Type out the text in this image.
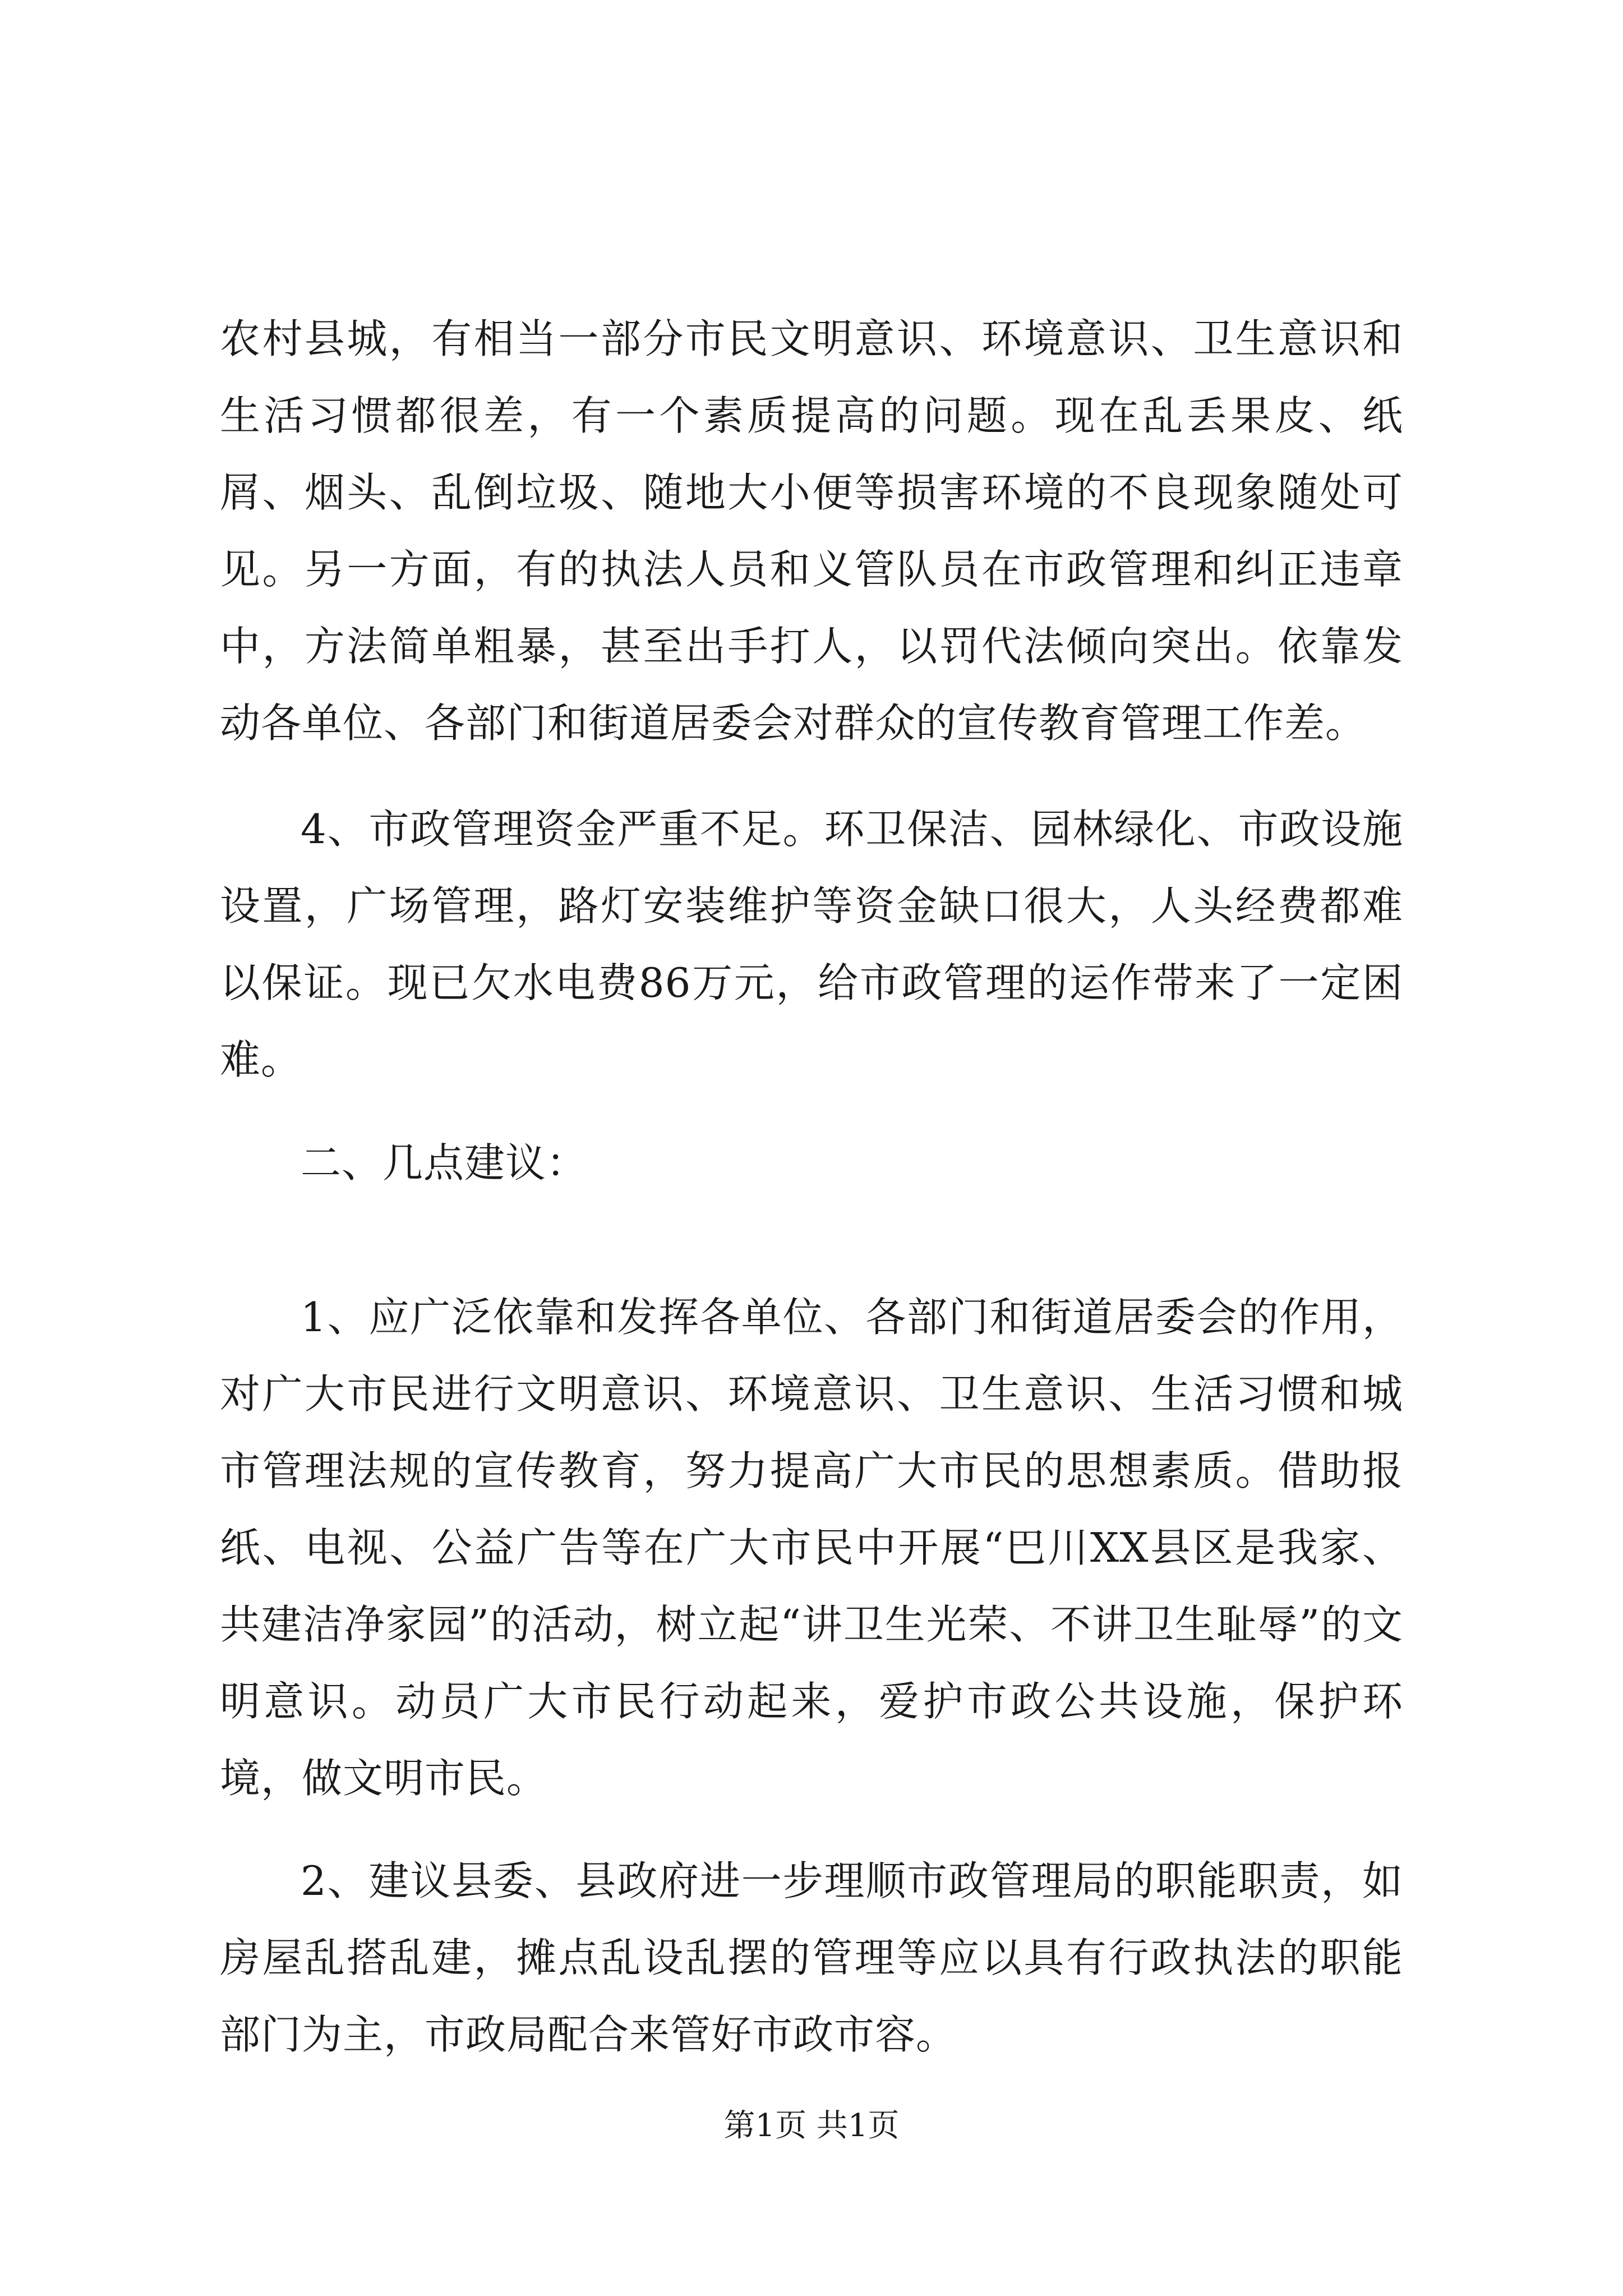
农村县城，有相当一部分市民文明意识、环境意识、卫生意识和生活习惯都很差，有一个素质提高的问题。现在乱丢果皮、纸屑、烟头、乱倒垃圾、随地大小便等损害环境的不良现象随处可见。另一方面，有的执法人员和义管队员在市政管理和纠正违章中，方法简单粗暴，甚至出手打人，以罚代法倾向突出。依靠发动各单位、各部门和街道居委会对群众的宣传教育管理工作差。

4、市政管理资金严重不足。环卫保洁、园林绿化、市政设施设置，广场管理，路灯安装维护等资金缺口很大，人头经费都难以保证。现已欠水电费86万元，给市政管理的运作带来了一定困难。

二、几点建议：

1、应广泛依靠和发挥各单位、各部门和街道居委会的作用，对广大市民进行文明意识、环境意识、卫生意识、生活习惯和城市管理法规的宣传教育，努力提高广大市民的思想素质。借助报纸、电视、公益广告等在广大市民中开展“巴川XX县区是我家、共建洁净家园”的活动，树立起“讲卫生光荣、不讲卫生耻辱”的文明意识。动员广大市民行动起来，爱护市政公共设施，保护环境，做文明市民。

2、建议县委、县政府进一步理顺市政管理局的职能职责，如房屋乱搭乱建，摊点乱设乱摆的管理等应以具有行政执法的职能部门为主，市政局配合来管好市政市容。

第1页 共1页
